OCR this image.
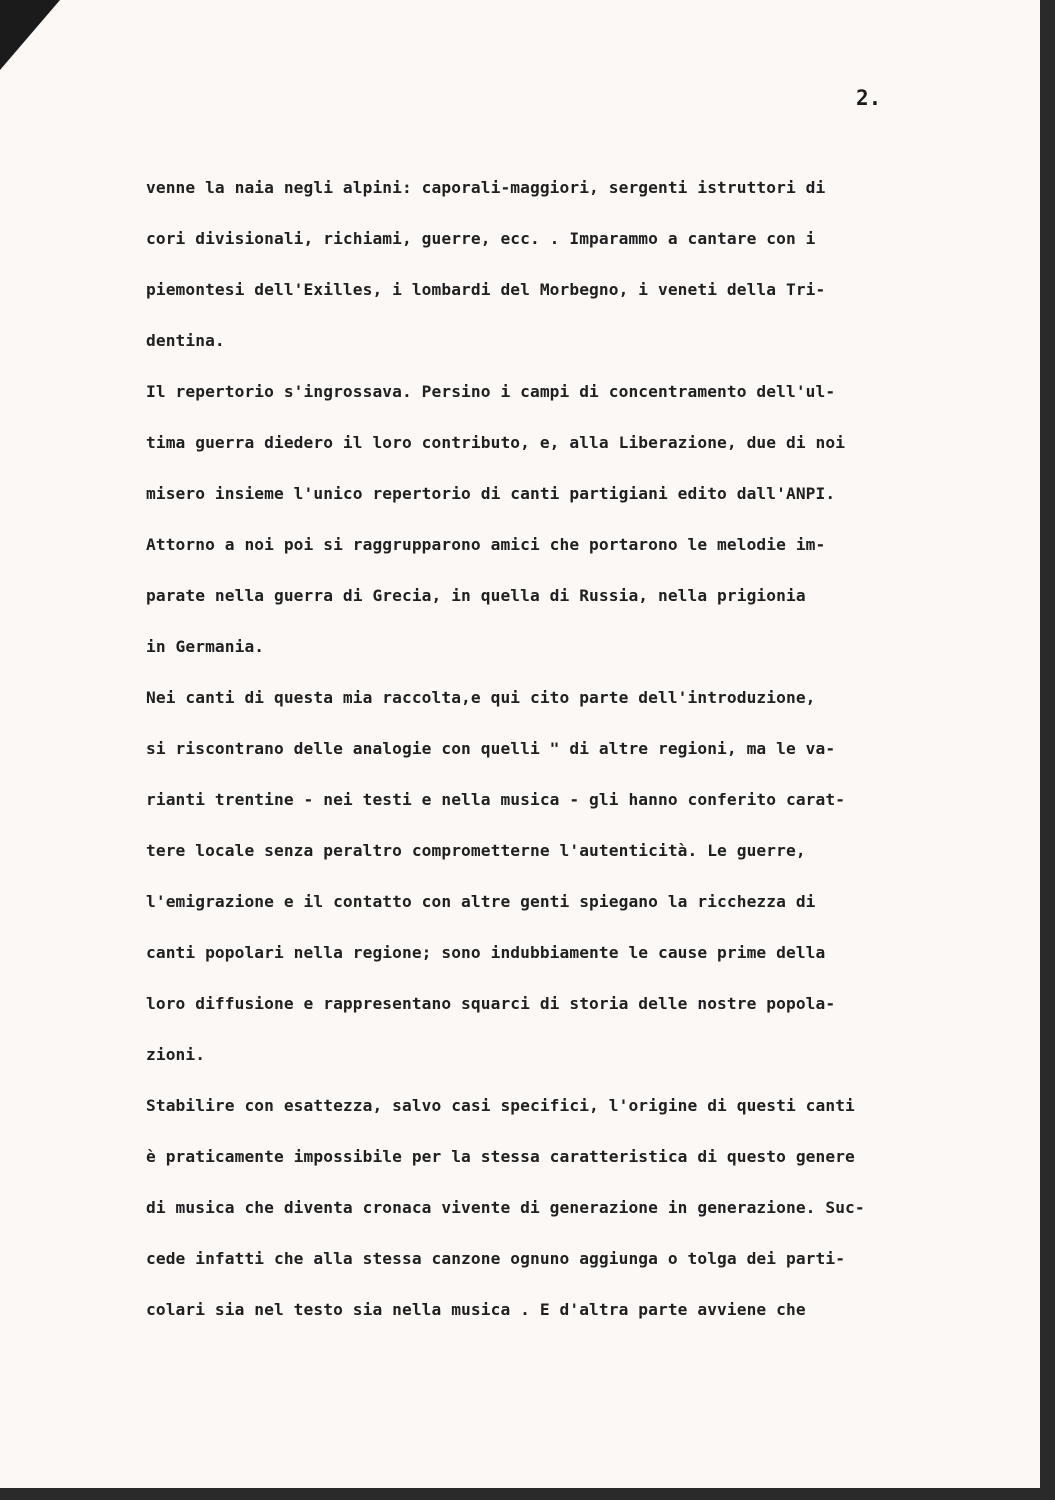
2.

venne la naia negli alpini: caporali-maggiori, sergenti istruttori di
cori divisionali, richiami, guerre, ecc. . Imparammo a cantare con i
piemontesi dell'Exilles, i lombardi del Morbegno, i veneti della Tri-
dentina.
Il repertorio s'ingrossava. Persino i campi di concentramento dell'ul-
tima guerra diedero il loro contributo, e, alla Liberazione, due di noi
misero insieme l'unico repertorio di canti partigiani edito dall'ANPI.
Attorno a noi poi si raggrupparono amici che portarono le melodie im-
parate nella guerra di Grecia, in quella di Russia, nella prigionia
in Germania.
Nei canti di questa mia raccolta,e qui cito parte dell'introduzione,
si riscontrano delle analogie con quelli " di altre regioni, ma le va-
rianti trentine - nei testi e nella musica - gli hanno conferito carat-
tere locale senza peraltro comprometterne l'autenticità. Le guerre,
l'emigrazione e il contatto con altre genti spiegano la ricchezza di
canti popolari nella regione; sono indubbiamente le cause prime della
loro diffusione e rappresentano squarci di storia delle nostre popola-
zioni.
Stabilire con esattezza, salvo casi specifici, l'origine di questi canti
è praticamente impossibile per la stessa caratteristica di questo genere
di musica che diventa cronaca vivente di generazione in generazione. Suc-
cede infatti che alla stessa canzone ognuno aggiunga o tolga dei parti-
colari sia nel testo sia nella musica . E d'altra parte avviene che
